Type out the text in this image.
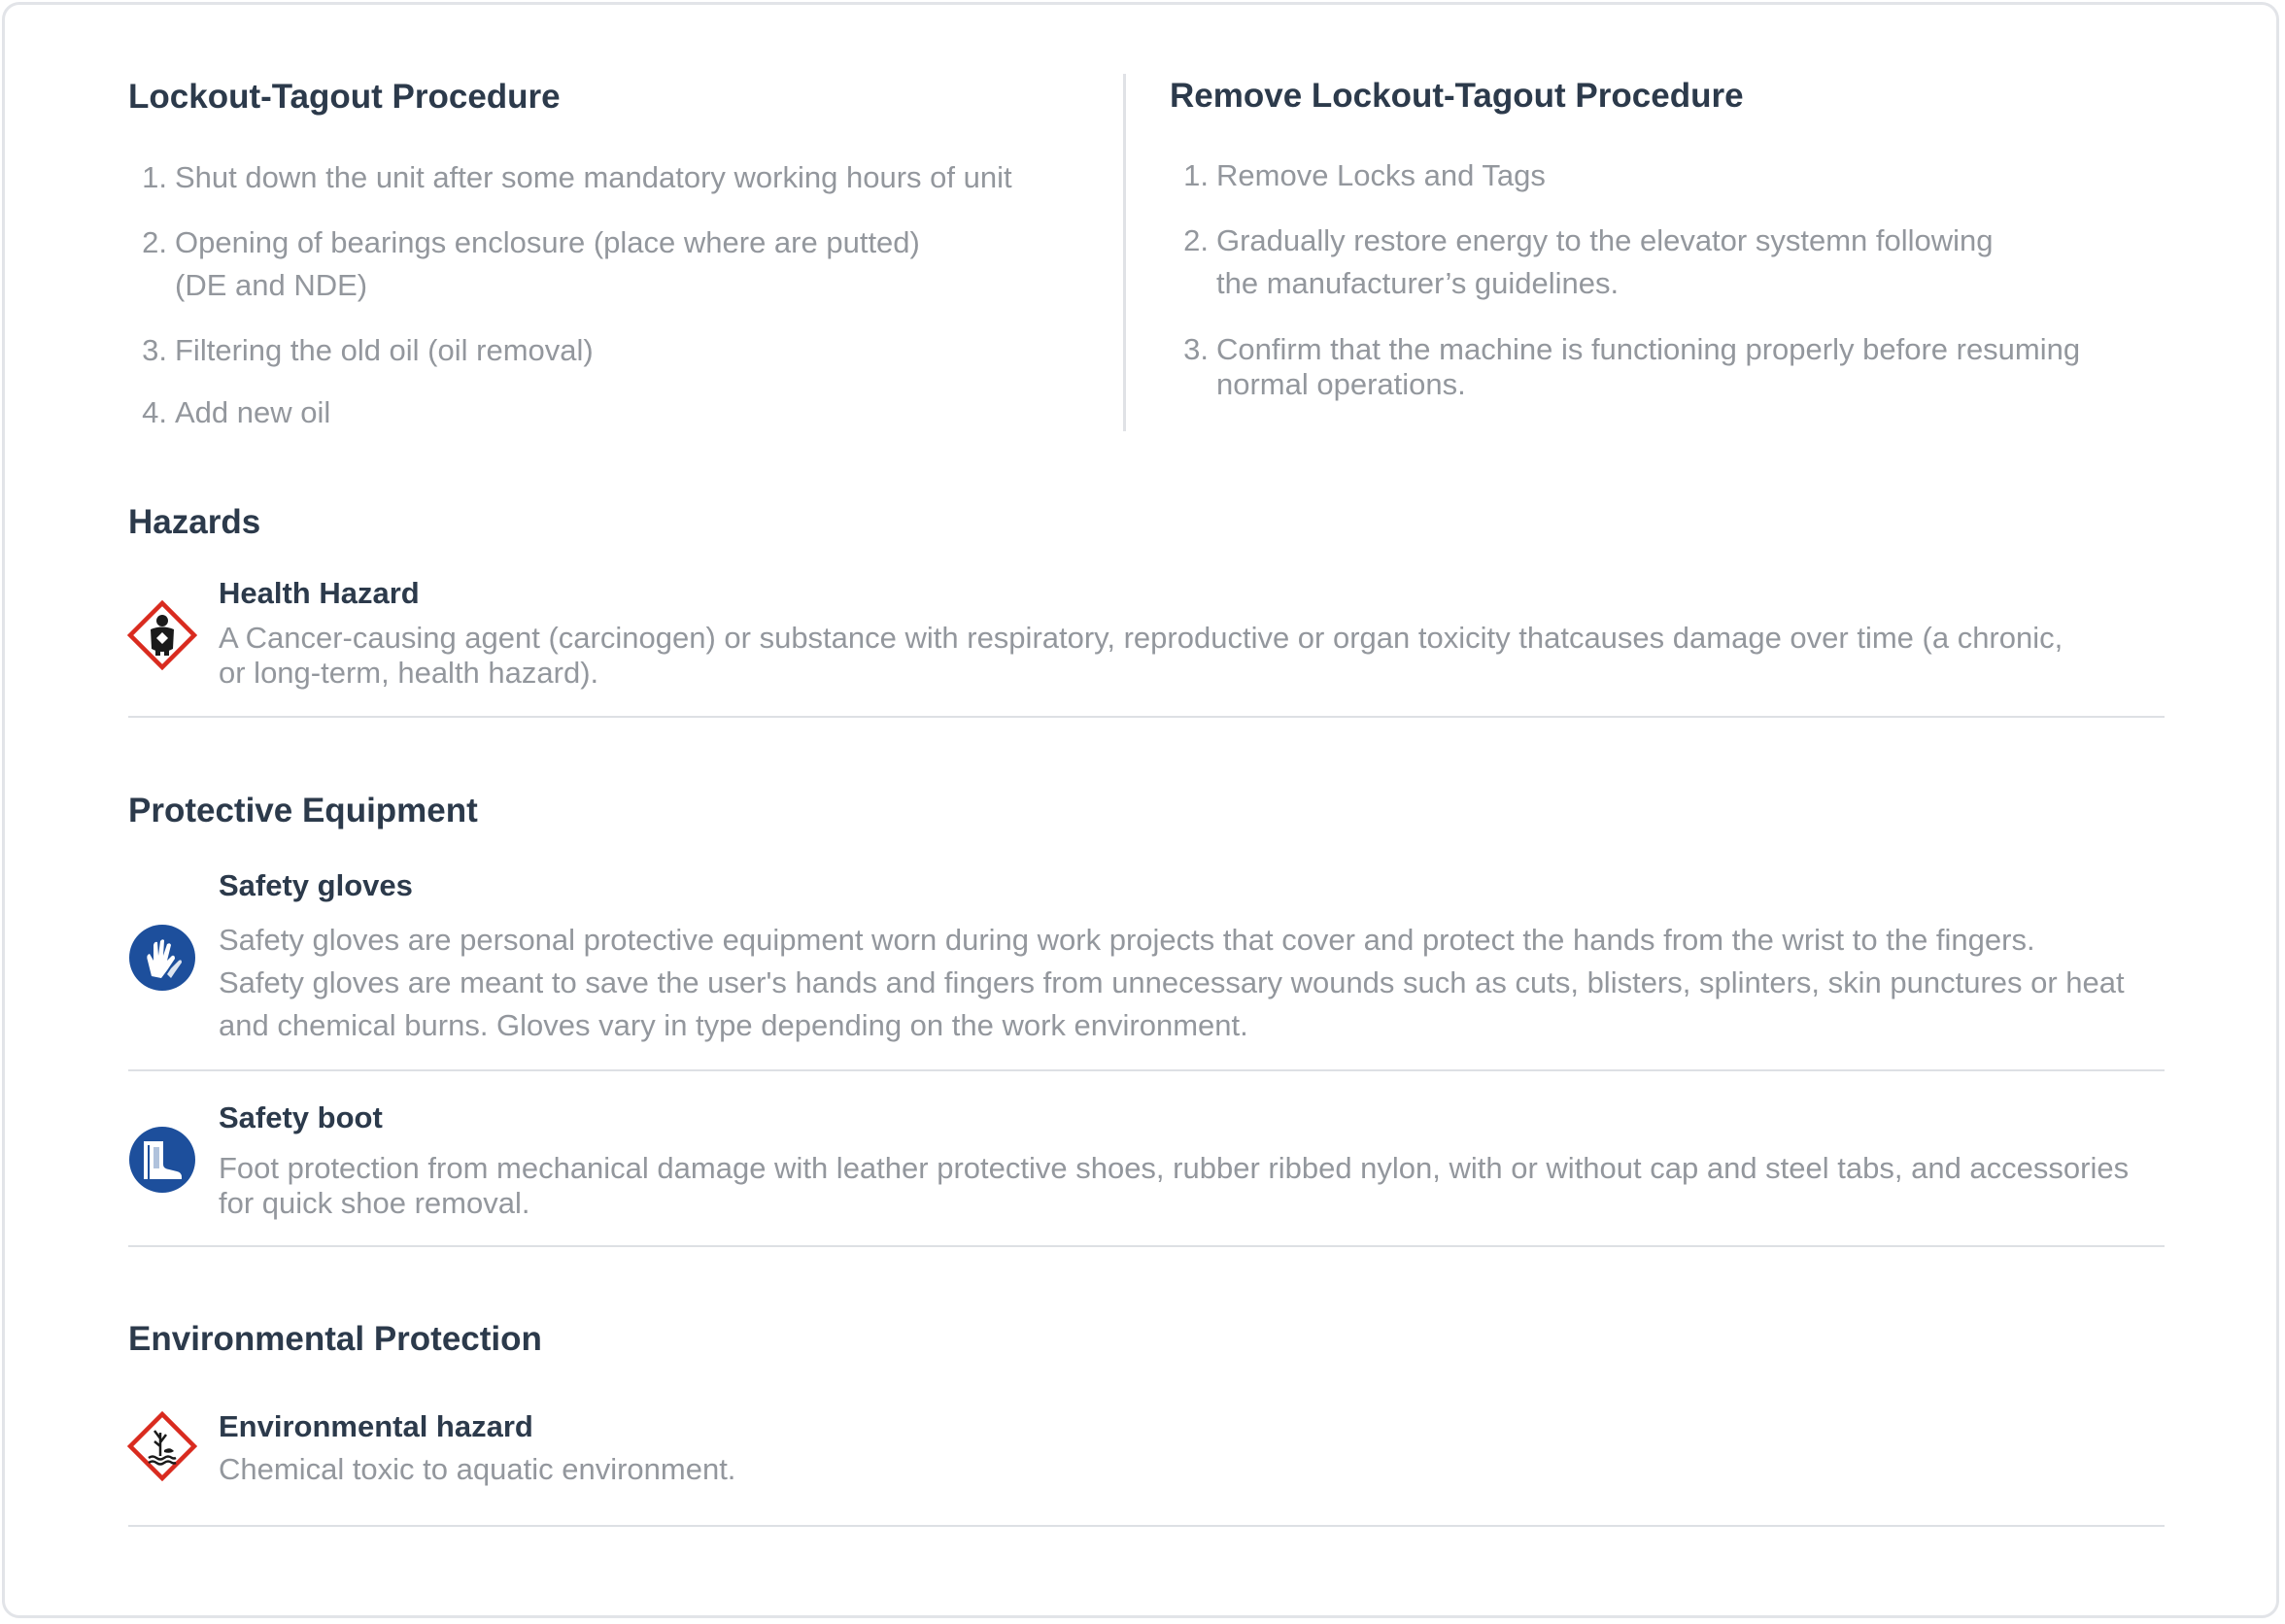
Lockout-Tagout Procedure
1. Shut down the unit after some mandatory working hours of unit
2. Opening of bearings enclosure (place where are putted)
(DE and NDE)
3. Filtering the old oil (oil removal)
4. Add new oil
Remove Lockout-Tagout Procedure
1. Remove Locks and Tags
2. Gradually restore energy to the elevator systemn following
the manufacturer’s guidelines.
3. Confirm that the machine is functioning properly before resuming
normal operations.
Hazards
Health Hazard
A Cancer-causing agent (carcinogen) or substance with respiratory, reproductive or organ toxicity thatcauses damage over time (a chronic,
or long-term, health hazard).
Protective Equipment
Safety gloves
Safety gloves are personal protective equipment worn during work projects that cover and protect the hands from the wrist to the fingers.
Safety gloves are meant to save the user's hands and fingers from unnecessary wounds such as cuts, blisters, splinters, skin punctures or heat
and chemical burns. Gloves vary in type depending on the work environment.
Safety boot
Foot protection from mechanical damage with leather protective shoes, rubber ribbed nylon, with or without cap and steel tabs, and accessories
for quick shoe removal.
Environmental Protection
Environmental hazard
Chemical toxic to aquatic environment.
